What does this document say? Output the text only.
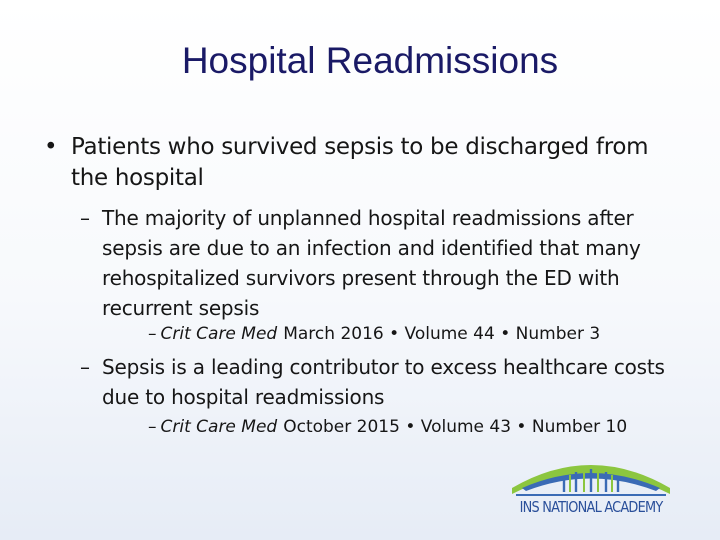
Hospital Readmissions
• Patients who survived sepsis to be discharged from the hospital
– The majority of unplanned hospital readmissions after sepsis are due to an infection and identified that many rehospitalized survivors present through the ED with recurrent sepsis
– Crit Care Med March 2016 • Volume 44 • Number 3
– Sepsis is a leading contributor to excess healthcare costs due to hospital readmissions
– Crit Care Med October 2015 • Volume 43 • Number 10
INS NATIONAL ACADEMY
